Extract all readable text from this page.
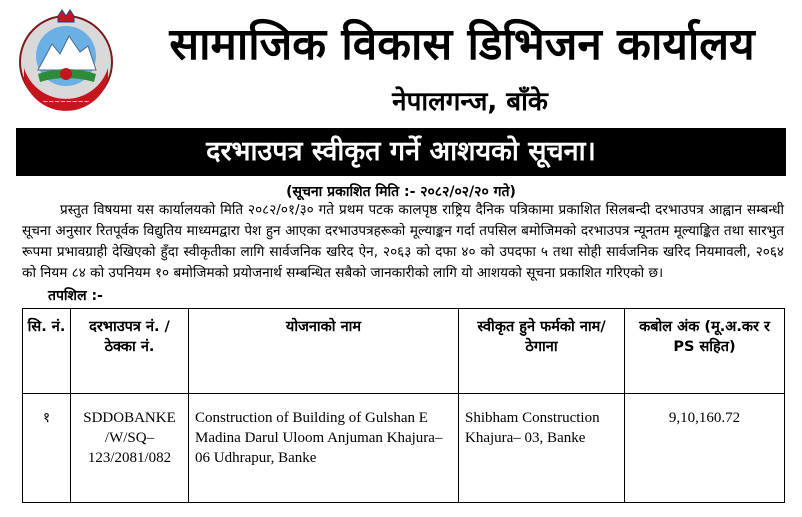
~~~~~~~~
सामाजिक विकास डिभिजन कार्यालय
नेपालगन्ज, बाँके
दरभाउपत्र स्वीकृत गर्ने आशयको सूचना।
(सूचना प्रकाशित मिति :- २०८२/०२/२० गते)

प्रस्तुत विषयमा यस कार्यालयको मिति २०८२/०१/३० गते प्रथम पटक कालपृष्ठ राष्ट्रिय दैनिक पत्रिकामा प्रकाशित सिलबन्दी दरभाउपत्र आह्वान सम्बन्धी सूचना अनुसार रितपूर्वक विद्युतिय माध्यमद्वारा पेश हुन आएका दरभाउपत्रहरूको मूल्याङ्कन गर्दा तपसिल बमोजिमको दरभाउपत्र न्यूनतम मूल्याङ्कित तथा सारभुत रूपमा प्रभावग्राही देखिएको हुँदा स्वीकृतीका लागि सार्वजनिक खरिद ऐन, २०६३ को दफा ४० को उपदफा ५ तथा सोही सार्वजनिक खरिद नियमावली, २०६४ को नियम ८४ को उपनियम १० बमोजिमको प्रयोजनार्थ सम्बन्धित सबैको जानकारीको लागि यो आशयको सूचना प्रकाशित गरिएको छ।

तपशिल :-
सि. नं.	दरभाउपत्र नं. / ठेक्का नं.	योजनाको नाम	स्वीकृत हुने फर्मको नाम/ठेगाना	कबोल अंक (मू.अ.कर र PS सहित)
१	SDDOBANKE /W/SQ–123/2081/082	Construction of Building of Gulshan E Madina Darul Uloom Anjuman Khajura–06 Udhrapur, Banke	Shibham Construction Khajura– 03, Banke	9,10,160.72
